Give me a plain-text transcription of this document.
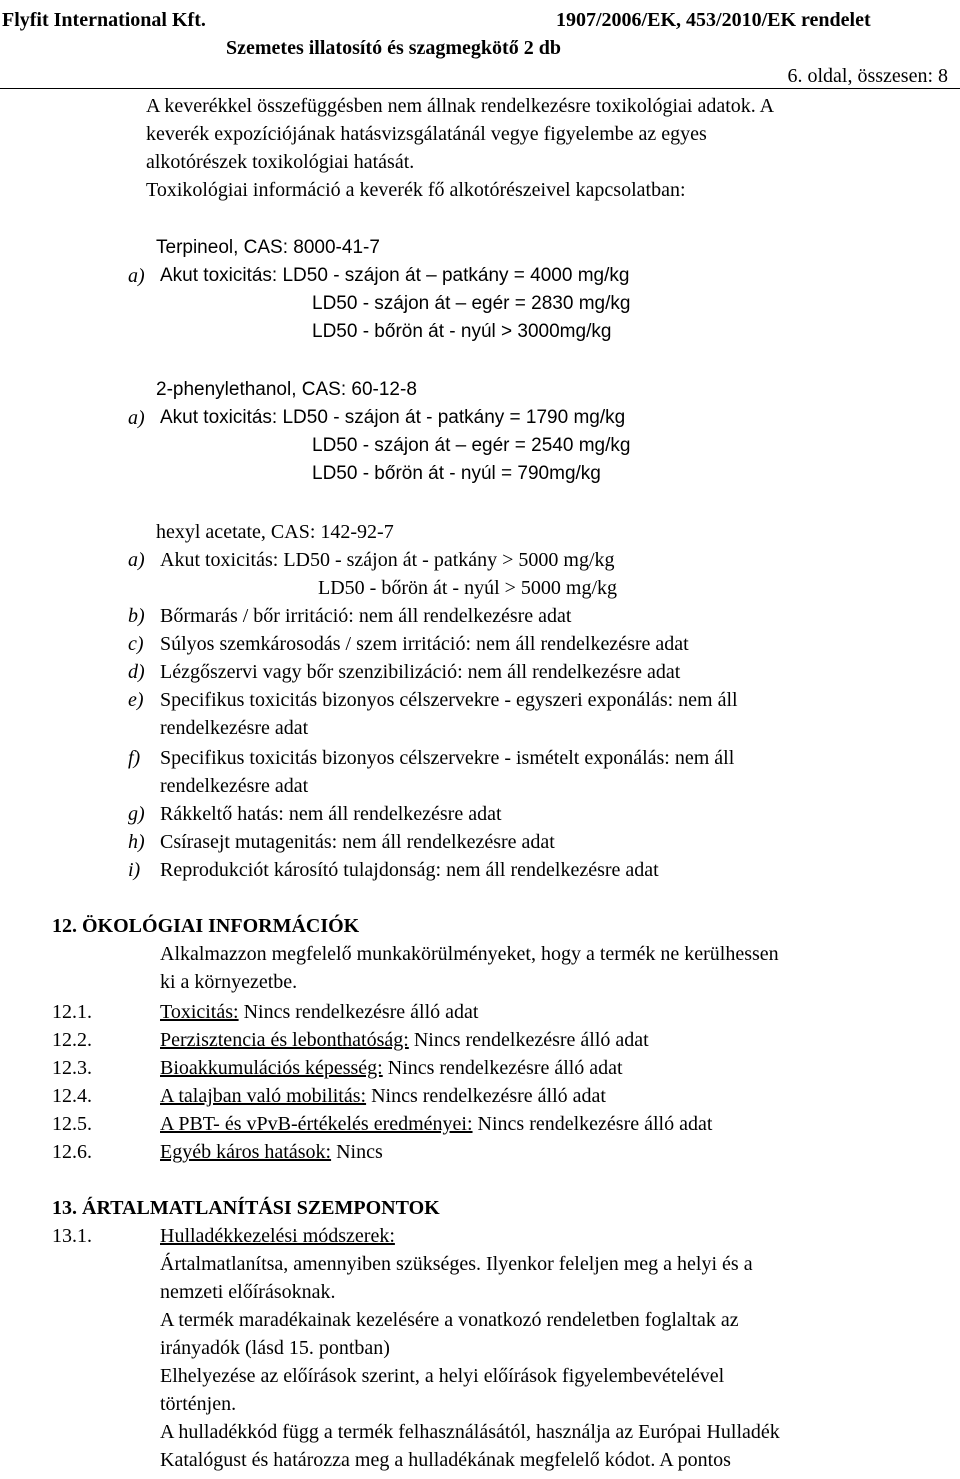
Flyfit International Kft.	1907/2006/EK, 453/2010/EK rendelet
Szemetes illatosító és szagmegkötő 2 db
6. oldal, összesen: 8
A keverékkel összefüggésben nem állnak rendelkezésre toxikológiai adatok. A
keverék expozíciójának hatásvizsgálatánál vegye figyelembe az egyes
alkotórészek toxikológiai hatását.
Toxikológiai információ a keverék fő alkotórészeivel kapcsolatban:
Terpineol, CAS: 8000-41-7
a) Akut toxicitás: LD50 - szájon át – patkány = 4000 mg/kg
LD50 - szájon át – egér = 2830 mg/kg
LD50 - bőrön át - nyúl > 3000mg/kg
2-phenylethanol, CAS: 60-12-8
a) Akut toxicitás: LD50 - szájon át - patkány = 1790 mg/kg
LD50 - szájon át – egér = 2540 mg/kg
LD50 - bőrön át - nyúl = 790mg/kg
hexyl acetate, CAS: 142-92-7
a) Akut toxicitás: LD50 - szájon át - patkány > 5000 mg/kg
LD50 - bőrön át - nyúl > 5000 mg/kg
b) Bőrmarás / bőr irritáció: nem áll rendelkezésre adat
c) Súlyos szemkárosodás / szem irritáció: nem áll rendelkezésre adat
d) Lézgőszervi vagy bőr szenzibilizáció: nem áll rendelkezésre adat
e) Specifikus toxicitás bizonyos célszervekre - egyszeri exponálás: nem áll
rendelkezésre adat
f) Specifikus toxicitás bizonyos célszervekre - ismételt exponálás: nem áll
rendelkezésre adat
g) Rákkeltő hatás: nem áll rendelkezésre adat
h) Csírasejt mutagenitás: nem áll rendelkezésre adat
i) Reprodukciót károsító tulajdonság: nem áll rendelkezésre adat
12. ÖKOLÓGIAI INFORMÁCIÓK
Alkalmazzon megfelelő munkakörülményeket, hogy a termék ne kerülhessen
ki a környezetbe.
12.1.	Toxicitás: Nincs rendelkezésre álló adat
12.2.	Perzisztencia és lebonthatóság: Nincs rendelkezésre álló adat
12.3.	Bioakkumulációs képesség: Nincs rendelkezésre álló adat
12.4.	A talajban való mobilitás: Nincs rendelkezésre álló adat
12.5.	A PBT- és vPvB-értékelés eredményei: Nincs rendelkezésre álló adat
12.6.	Egyéb káros hatások: Nincs
13. ÁRTALMATLANÍTÁSI SZEMPONTOK
13.1.	Hulladékkezelési módszerek:
Ártalmatlanítsa, amennyiben szükséges. Ilyenkor feleljen meg a helyi és a
nemzeti előírásoknak.
A termék maradékainak kezelésére a vonatkozó rendeletben foglaltak az
irányadók (lásd 15. pontban)
Elhelyezése az előírások szerint, a helyi előírások figyelembevételével
történjen.
A hulladékkód függ a termék felhasználásától, használja az Európai Hulladék
Katalógust és határozza meg a hulladékának megfelelő kódot. A pontos
